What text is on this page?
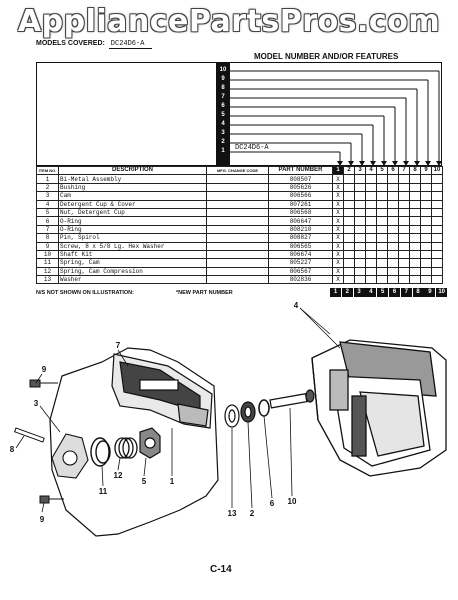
AppliancePartsPros.com
MODELS COVERED: DC24D6-A
MODEL NUMBER AND/OR FEATURES
10
9
8
7
6
5
4
3
2
1	DC24D6-A
ITEM NO.	DESCRIPTION	MFG. CHANGE CODE	PART NUMBER	1	2	3	4	5	6	7	8	9	10
1	Bi-Metal Assembly		808507	X									
2	Bushing		805626	X									
3	Cam		806566	X									
4	Detergent Cup & Cover		807261	X									
5	Nut, Detergent Cup		806568	X									
6	O-Ring		806647	X									
7	O-Ring		808210	X									
8	Pin, Spirol		808827	X									
9	Screw, 8 x 5/8 Lg. Hex Washer		806565	X									
10	Shaft Kit		806674	X									
11	Spring, Cam		805227	X									
12	Spring, Cam Compression		806567	X									
13	Washer		802836	X									
N/S NOT SHOWN ON ILLUSTRATION:	*NEW PART NUMBER	1	2	3	4	5	6	7	8	9	10
4
7
9
3
8
12
11
5	1
13 2
6 10
9
C-14
